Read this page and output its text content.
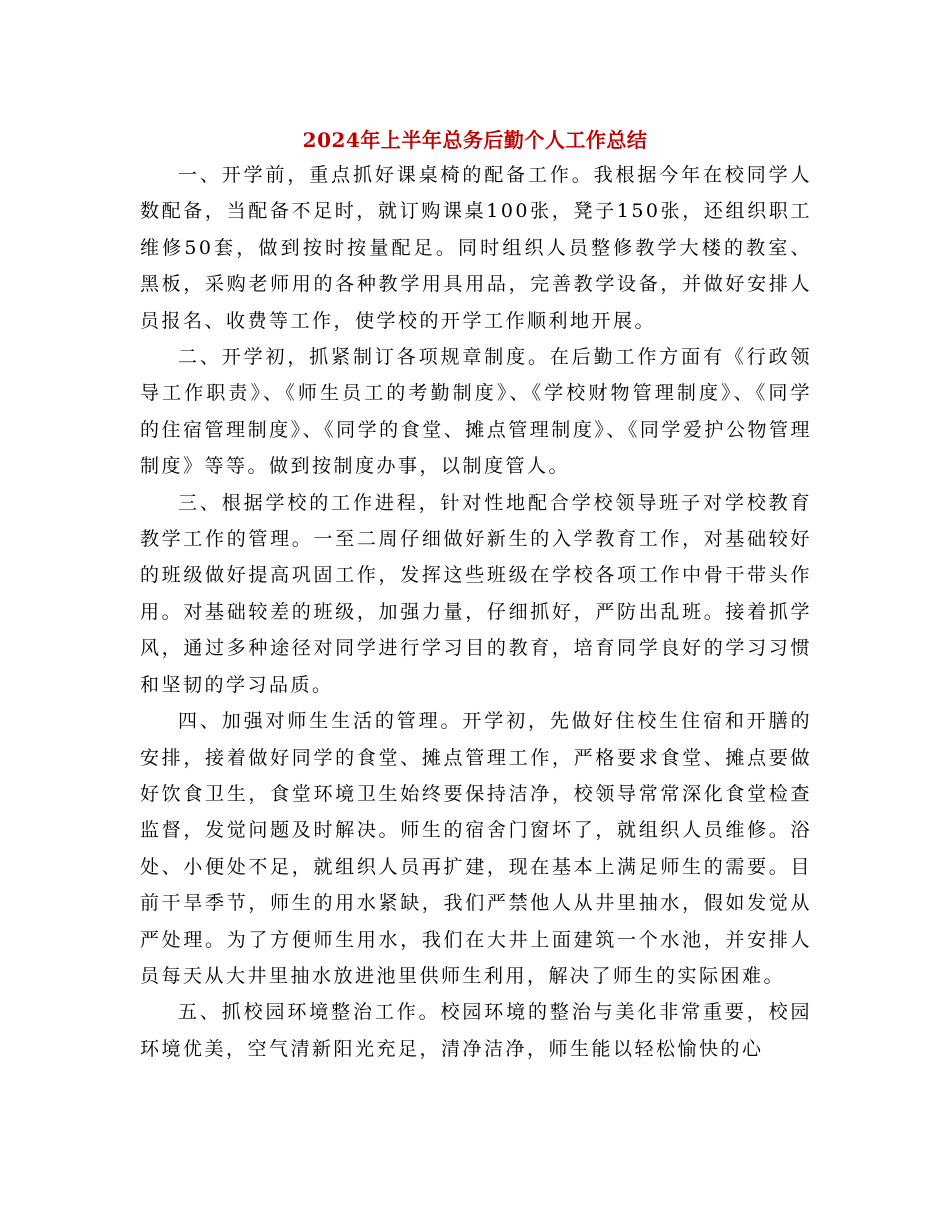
2024年上半年总务后勤个人工作总结

一、开学前，重点抓好课桌椅的配备工作。我根据今年在校同学人数配备，当配备不足时，就订购课桌100张，凳子150张，还组织职工维修50套，做到按时按量配足。同时组织人员整修教学大楼的教室、黑板，采购老师用的各种教学用具用品，完善教学设备，并做好安排人员报名、收费等工作，使学校的开学工作顺利地开展。

二、开学初，抓紧制订各项规章制度。在后勤工作方面有《行政领导工作职责》、《师生员工的考勤制度》、《学校财物管理制度》、《同学的住宿管理制度》、《同学的食堂、摊点管理制度》、《同学爱护公物管理制度》等等。做到按制度办事，以制度管人。

三、根据学校的工作进程，针对性地配合学校领导班子对学校教育教学工作的管理。一至二周仔细做好新生的入学教育工作，对基础较好的班级做好提高巩固工作，发挥这些班级在学校各项工作中骨干带头作用。对基础较差的班级，加强力量，仔细抓好，严防出乱班。接着抓学风，通过多种途径对同学进行学习目的教育，培育同学良好的学习习惯和坚韧的学习品质。

四、加强对师生生活的管理。开学初，先做好住校生住宿和开膳的安排，接着做好同学的食堂、摊点管理工作，严格要求食堂、摊点要做好饮食卫生，食堂环境卫生始终要保持洁净，校领导常常深化食堂检查监督，发觉问题及时解决。师生的宿舍门窗坏了，就组织人员维修。浴处、小便处不足，就组织人员再扩建，现在基本上满足师生的需要。目前干旱季节，师生的用水紧缺，我们严禁他人从井里抽水，假如发觉从严处理。为了方便师生用水，我们在大井上面建筑一个水池，并安排人员每天从大井里抽水放进池里供师生利用，解决了师生的实际困难。

五、抓校园环境整治工作。校园环境的整治与美化非常重要，校园环境优美，空气清新阳光充足，清净洁净，师生能以轻松愉快的心
